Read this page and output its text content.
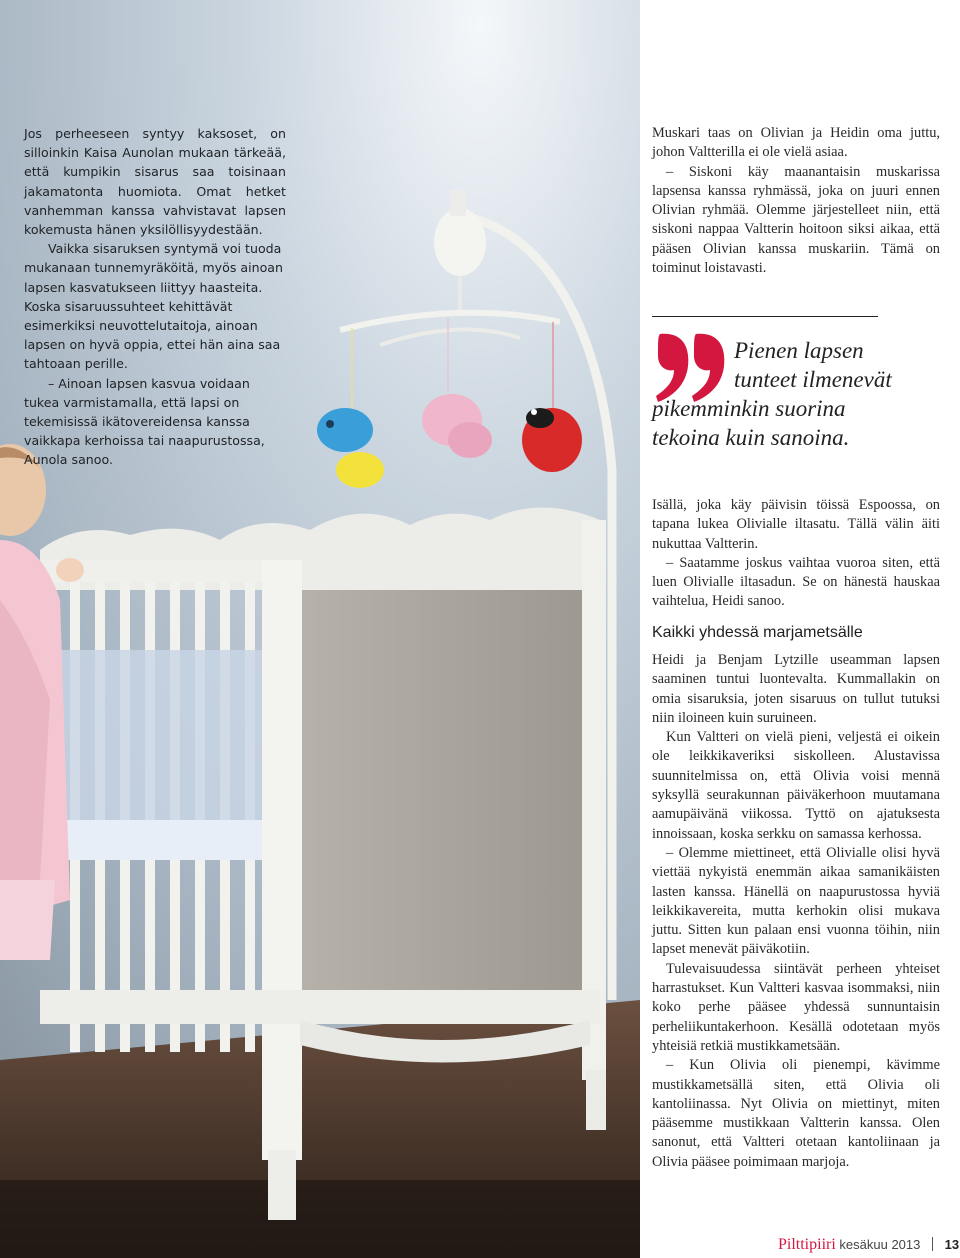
Jos perheeseen syntyy kaksoset, on silloinkin Kaisa Aunolan mukaan tärkeää, että kumpikin sisarus saa toisinaan jakamatonta huomiota. Omat hetket vanhemman kanssa vahvistavat lapsen kokemusta hänen yksilöllisyydestään.

Vaikka sisaruksen syntymä voi tuoda mukanaan tunnemyräköitä, myös ainoan lapsen kasvatukseen liittyy haasteita. Koska sisaruussuhteet kehittävät esimerkiksi neuvottelutaitoja, ainoan lapsen on hyvä oppia, ettei hän aina saa tahtoaan perille.

– Ainoan lapsen kasvua voidaan tukea varmistamalla, että lapsi on tekemisissä ikätovereidensa kanssa vaikkapa kerhoissa tai naapurustossa, Aunola sanoo.

Muskari taas on Olivian ja Heidin oma juttu, johon Valtterilla ei ole vielä asiaa.

– Siskoni käy maanantaisin muskarissa lapsensa kanssa ryhmässä, joka on juuri ennen Olivian ryhmää. Olemme järjestelleet niin, että siskoni nappaa Valtterin hoitoon siksi aikaa, että pääsen Olivian kanssa muskariin. Tämä on toiminut loistavasti.

Pienen lapsen
tunteet ilmenevät
pikemminkin suorina
tekoina kuin sanoina.

Isällä, joka käy päivisin töissä Espoossa, on tapana lukea Olivialle iltasatu. Tällä välin äiti nukuttaa Valtterin.

– Saatamme joskus vaihtaa vuoroa siten, että luen Olivialle iltasadun. Se on hänestä hauskaa vaihtelua, Heidi sanoo.

Kaikki yhdessä marjametsälle

Heidi ja Benjam Lytzille useamman lapsen saaminen tuntui luontevalta. Kummallakin on omia sisaruksia, joten sisaruus on tullut tutuksi niin iloineen kuin suruineen.

Kun Valtteri on vielä pieni, veljestä ei oikein ole leikkikaveriksi siskolleen. Alustavissa suunnitelmissa on, että Olivia voisi mennä syksyllä seurakunnan päiväkerhoon muutamana aamupäivänä viikossa. Tyttö on ajatuksesta innoissaan, koska serkku on samassa kerhossa.

– Olemme miettineet, että Olivialle olisi hyvä viettää nykyistä enemmän aikaa samanikäisten lasten kanssa. Hänellä on naapurustossa hyviä leikkikavereita, mutta kerhokin olisi mukava juttu. Sitten kun palaan ensi vuonna töihin, niin lapset menevät päiväkotiin.

Tulevaisuudessa siintävät perheen yhteiset harrastukset. Kun Valtteri kasvaa isommaksi, niin koko perhe pääsee yhdessä sunnuntaisin perheliikuntakerhoon. Kesällä odotetaan myös yhteisiä retkiä mustikkametsään.

– Kun Olivia oli pienempi, kävimme mustikkametsällä siten, että Olivia oli kantoliinassa. Nyt Olivia on miettinyt, miten pääsemme mustikkaan Valtterin kanssa. Olen sanonut, että Valtteri otetaan kantoliinaan ja Olivia pääsee poimimaan marjoja.

Pilttipiiri kesäkuu 2013 13
